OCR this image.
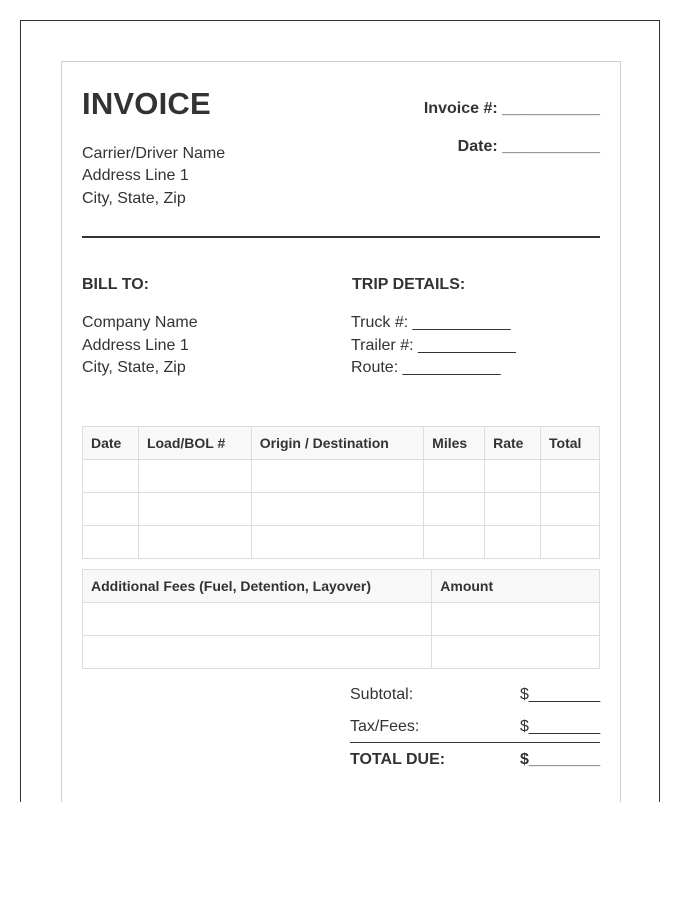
INVOICE
Carrier/Driver Name
Address Line 1
City, State, Zip
Invoice #: ___________
Date: ___________
BILL TO:
Company Name
Address Line 1
City, State, Zip
TRIP DETAILS:
Truck #: ___________
Trailer #: ___________
Route: ___________
Date	Load/BOL #	Origin / Destination	Miles	Rate	Total

Additional Fees (Fuel, Detention, Layover)	Amount

Subtotal:	$________
Tax/Fees:	$________
TOTAL DUE:	$________
